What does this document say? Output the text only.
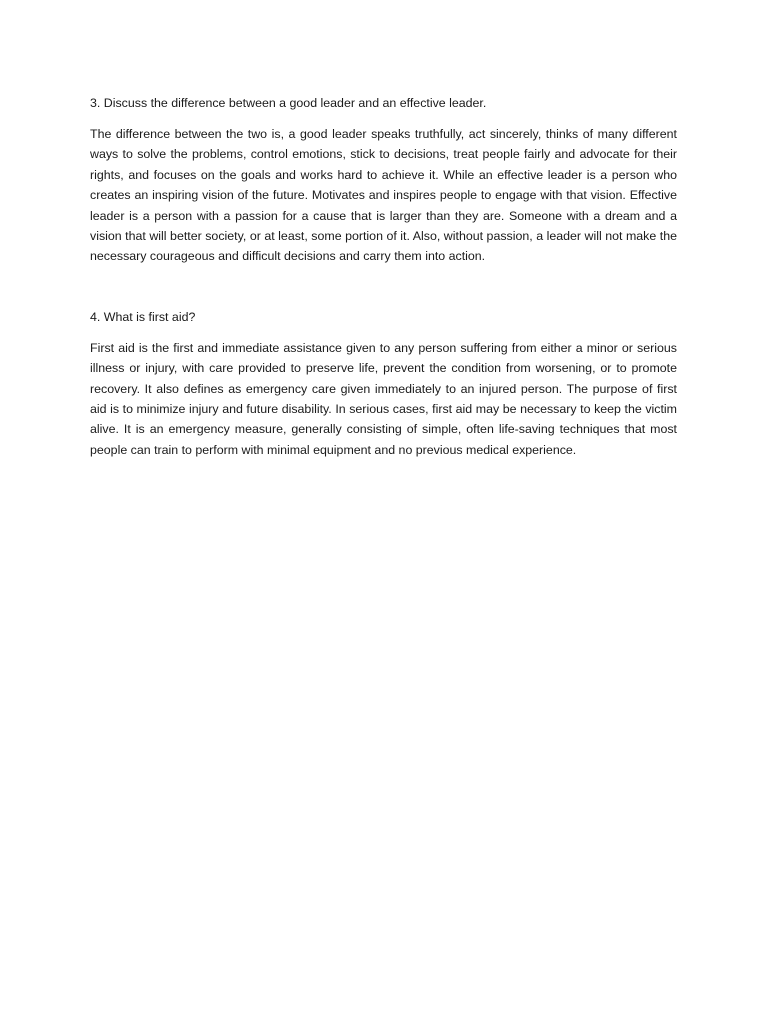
3. Discuss the difference between a good leader and an effective leader.

The difference between the two is, a good leader speaks truthfully, act sincerely, thinks of many different ways to solve the problems, control emotions, stick to decisions, treat people fairly and advocate for their rights, and focuses on the goals and works hard to achieve it. While an effective leader is a person who creates an inspiring vision of the future. Motivates and inspires people to engage with that vision. Effective leader is a person with a passion for a cause that is larger than they are. Someone with a dream and a vision that will better society, or at least, some portion of it. Also, without passion, a leader will not make the necessary courageous and difficult decisions and carry them into action.

4. What is first aid?

First aid is the first and immediate assistance given to any person suffering from either a minor or serious illness or injury, with care provided to preserve life, prevent the condition from worsening, or to promote recovery. It also defines as emergency care given immediately to an injured person. The purpose of first aid is to minimize injury and future disability. In serious cases, first aid may be necessary to keep the victim alive. It is an emergency measure, generally consisting of simple, often life-saving techniques that most people can train to perform with minimal equipment and no previous medical experience.
